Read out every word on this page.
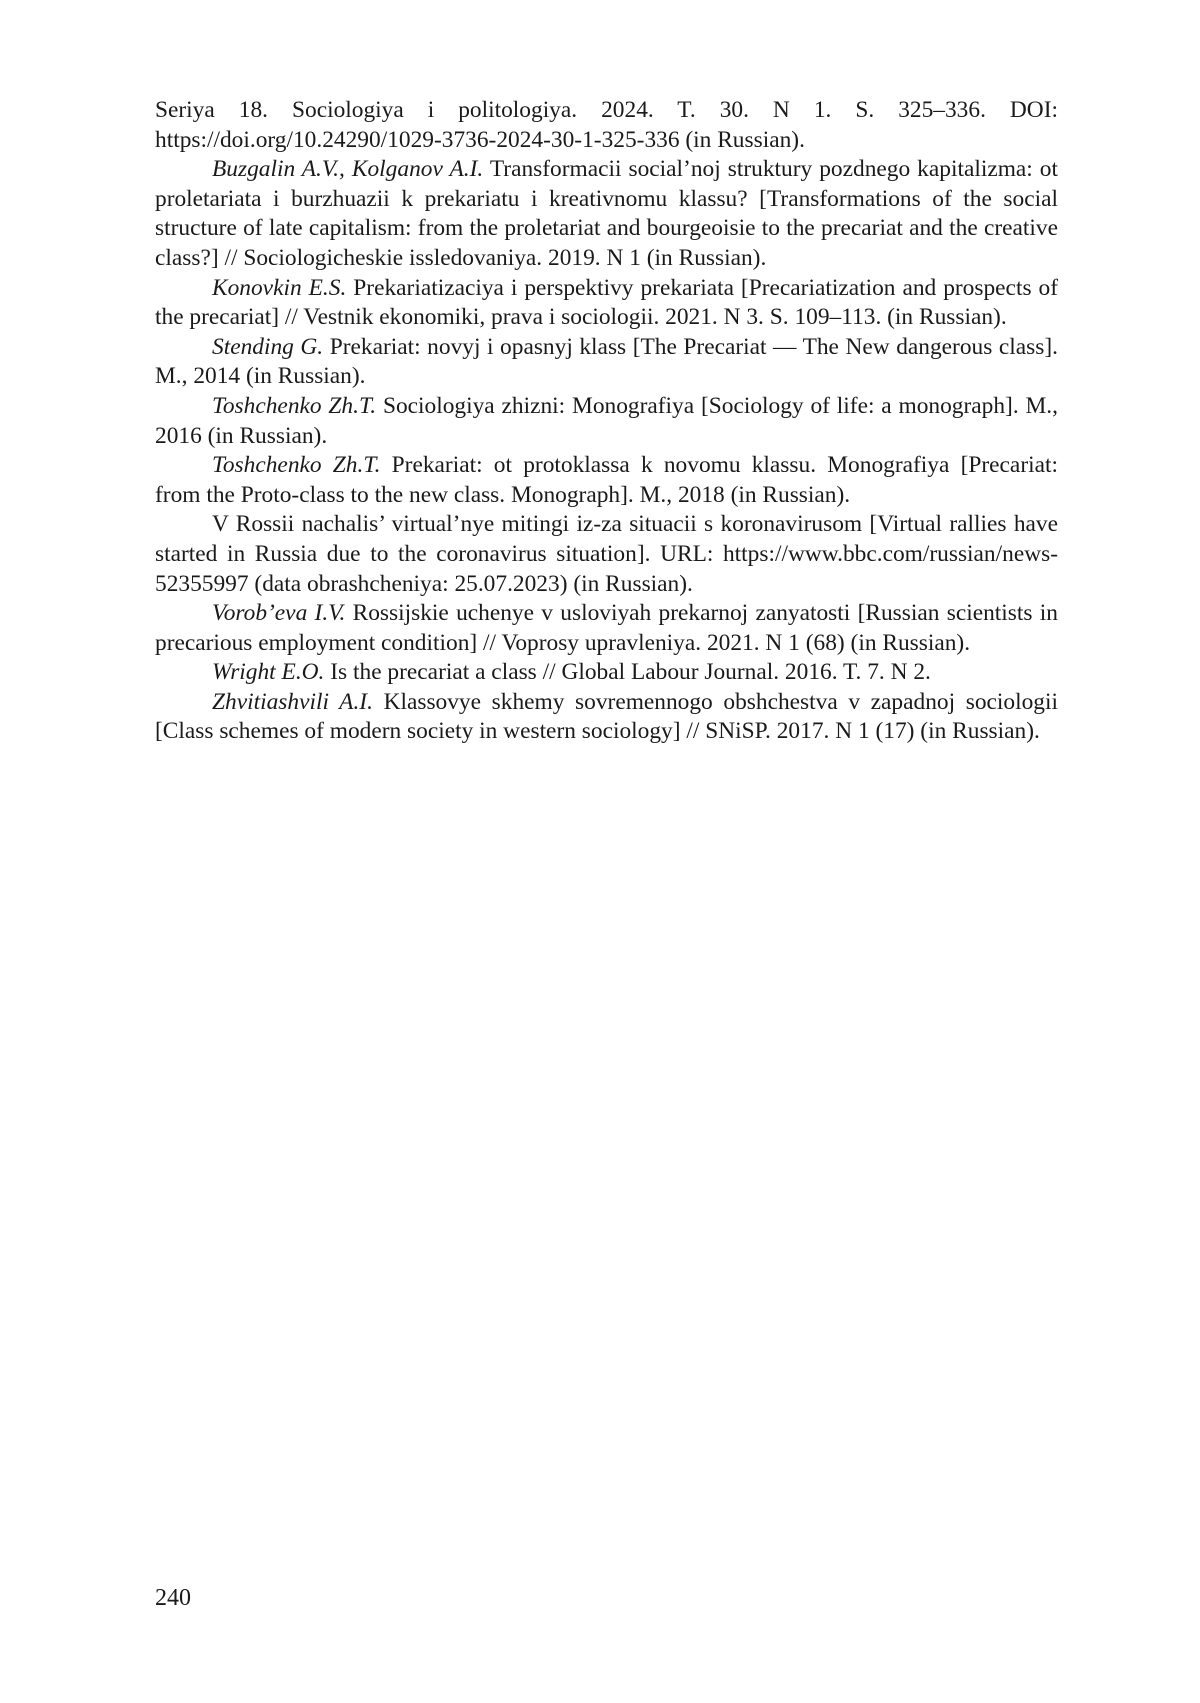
Seriya 18. Sociologiya i politologiya. 2024. T. 30. N 1. S. 325–336. DOI: https://doi.org/10.24290/1029-3736-2024-30-1-325-336 (in Russian).

Buzgalin A.V., Kolganov A.I. Transformacii social’noj struktury pozdnego kapitalizma: ot proletariata i burzhuazii k prekariatu i kreativnomu klassu? [Transformations of the social structure of late capitalism: from the proletariat and bourgeoisie to the precariat and the creative class?] // Sociologicheskie issledovaniya. 2019. N 1 (in Russian).

Konovkin E.S. Prekariatizaciya i perspektivy prekariata [Precariatization and prospects of the precariat] // Vestnik ekonomiki, prava i sociologii. 2021. N 3. S. 109–113. (in Russian).

Stending G. Prekariat: novyj i opasnyj klass [The Precariat — The New dangerous class]. M., 2014 (in Russian).

Toshchenko Zh.T. Sociologiya zhizni: Monografiya [Sociology of life: a monograph]. M., 2016 (in Russian).

Toshchenko Zh.T. Prekariat: ot protoklassa k novomu klassu. Monografiya [Precariat: from the Proto-class to the new class. Monograph]. M., 2018 (in Russian).

V Rossii nachalis’ virtual’nye mitingi iz-za situacii s koronavirusom [Virtual rallies have started in Russia due to the coronavirus situation]. URL: https://www.bbc.com/russian/news-52355997 (data obrashcheniya: 25.07.2023) (in Russian).

Vorob’eva I.V. Rossijskie uchenye v usloviyah prekarnoj zanyatosti [Russian scientists in precarious employment condition] // Voprosy upravleniya. 2021. N 1 (68) (in Russian).

Wright E.O. Is the precariat a class // Global Labour Journal. 2016. T. 7. N 2.

Zhvitiashvili A.I. Klassovye skhemy sovremennogo obshchestva v zapadnoj sociologii [Class schemes of modern society in western sociology] // SNiSP. 2017. N 1 (17) (in Russian).

240
